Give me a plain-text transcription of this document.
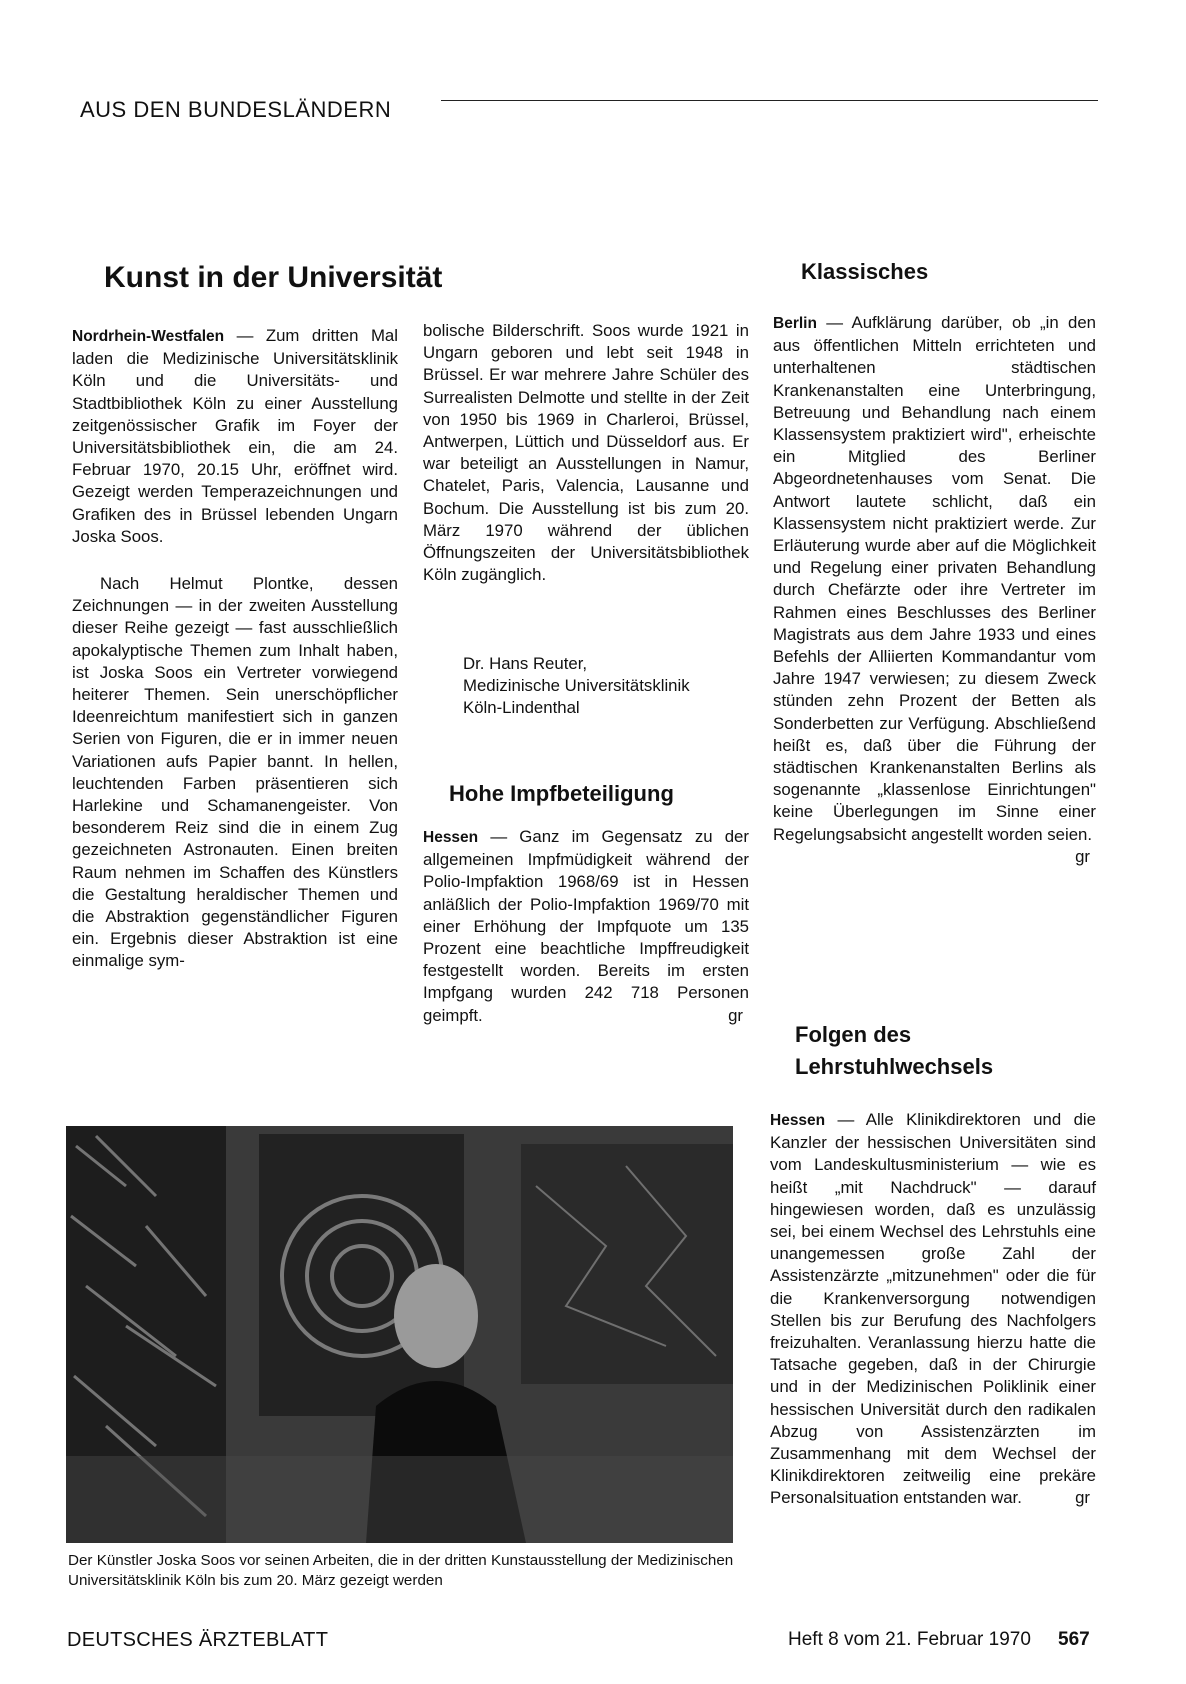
AUS DEN BUNDESLÄNDERN
Kunst in der Universität

Nordrhein-Westfalen — Zum dritten Mal laden die Medizinische Universitätsklinik Köln und die Universitäts- und Stadtbibliothek Köln zu einer Ausstellung zeitgenössischer Grafik im Foyer der Universitätsbibliothek ein, die am 24. Februar 1970, 20.15 Uhr, eröffnet wird. Gezeigt werden Temperazeichnungen und Grafiken des in Brüssel lebenden Ungarn Joska Soos.

Nach Helmut Plontke, dessen Zeichnungen — in der zweiten Ausstellung dieser Reihe gezeigt — fast ausschließlich apokalyptische Themen zum Inhalt haben, ist Joska Soos ein Vertreter vorwiegend heiterer Themen. Sein unerschöpflicher Ideenreichtum manifestiert sich in ganzen Serien von Figuren, die er in immer neuen Variationen aufs Papier bannt. In hellen, leuchtenden Farben präsentieren sich Harlekine und Schamanengeister. Von besonderem Reiz sind die in einem Zug gezeichneten Astronauten. Einen breiten Raum nehmen im Schaffen des Künstlers die Gestaltung heraldischer Themen und die Abstraktion gegenständlicher Figuren ein. Ergebnis dieser Abstraktion ist eine einmalige sym-

bolische Bilderschrift. Soos wurde 1921 in Ungarn geboren und lebt seit 1948 in Brüssel. Er war mehrere Jahre Schüler des Surrealisten Delmotte und stellte in der Zeit von 1950 bis 1969 in Charleroi, Brüssel, Antwerpen, Lüttich und Düsseldorf aus. Er war beteiligt an Ausstellungen in Namur, Chatelet, Paris, Valencia, Lausanne und Bochum. Die Ausstellung ist bis zum 20. März 1970 während der üblichen Öffnungszeiten der Universitätsbibliothek Köln zugänglich.

Dr. Hans Reuter,
Medizinische Universitätsklinik
Köln-Lindenthal
Hohe Impfbeteiligung

Hessen — Ganz im Gegensatz zu der allgemeinen Impfmüdigkeit während der Polio-Impfaktion 1968/69 ist in Hessen anläßlich der Polio-Impfaktion 1969/70 mit einer Erhöhung der Impfquote um 135 Prozent eine beachtliche Impffreudigkeit festgestellt worden. Bereits im ersten Impfgang wurden 242 718 Personen geimpft.	gr

Klassisches

Berlin — Aufklärung darüber, ob „in den aus öffentlichen Mitteln errichteten und unterhaltenen städtischen Krankenanstalten eine Unterbringung, Betreuung und Behandlung nach einem Klassensystem praktiziert wird", erheischte ein Mitglied des Berliner Abgeordnetenhauses vom Senat. Die Antwort lautete schlicht, daß ein Klassensystem nicht praktiziert werde. Zur Erläuterung wurde aber auf die Möglichkeit und Regelung einer privaten Behandlung durch Chefärzte oder ihre Vertreter im Rahmen eines Beschlusses des Berliner Magistrats aus dem Jahre 1933 und eines Befehls der Alliierten Kommandantur vom Jahre 1947 verwiesen; zu diesem Zweck stünden zehn Prozent der Betten als Sonderbetten zur Verfügung. Abschließend heißt es, daß über die Führung der städtischen Krankenanstalten Berlins als sogenannte „klassenlose Einrichtungen" keine Überlegungen im Sinne einer Regelungsabsicht angestellt worden seien.
gr

Folgen des Lehrstuhlwechsels

Hessen — Alle Klinikdirektoren und die Kanzler der hessischen Universitäten sind vom Landeskultusministerium — wie es heißt „mit Nachdruck" — darauf hingewiesen worden, daß es unzulässig sei, bei einem Wechsel des Lehrstuhls eine unangemessen große Zahl der Assistenzärzte „mitzunehmen" oder die für die Krankenversorgung notwendigen Stellen bis zur Berufung des Nachfolgers freizuhalten. Veranlassung hierzu hatte die Tatsache gegeben, daß in der Chirurgie und in der Medizinischen Poliklinik einer hessischen Universität durch den radikalen Abzug von Assistenzärzten im Zusammenhang mit dem Wechsel der Klinikdirektoren zeitweilig eine prekäre Personalsituation entstanden war.	gr

Der Künstler Joska Soos vor seinen Arbeiten, die in der dritten Kunstausstellung der Medizinischen Universitätsklinik Köln bis zum 20. März gezeigt werden
DEUTSCHES ÄRZTEBLATT	Heft 8 vom 21. Februar 1970 567
